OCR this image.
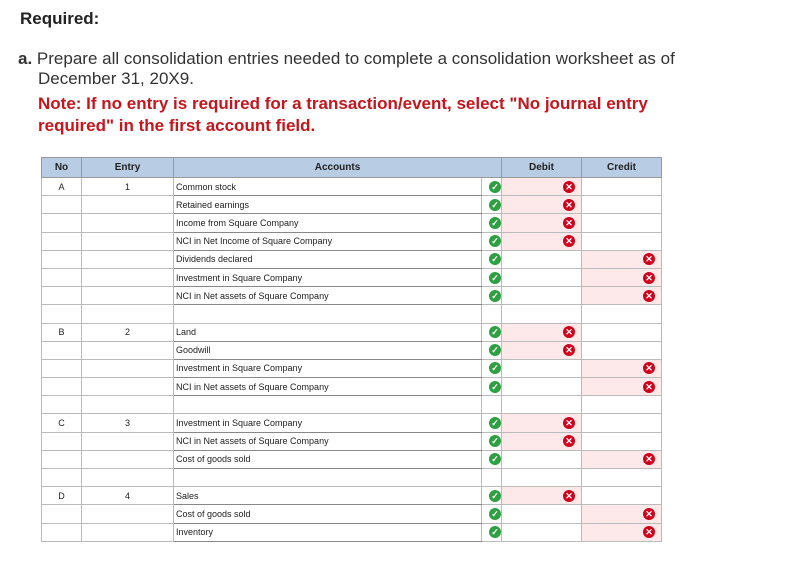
Required:
a. Prepare all consolidation entries needed to complete a consolidation worksheet as of
December 31, 20X9.
Note: If no entry is required for a transaction/event, select "No journal entry
required" in the first account field.
No	Entry	Accounts		Debit	Credit
A	1	Common stock	✓	✕	
		Retained earnings	✓	✕	
		Income from Square Company	✓	✕	
		NCI in Net Income of Square Company	✓	✕	
		Dividends declared	✓		✕
		Investment in Square Company	✓		✕
		NCI in Net assets of Square Company	✓		✕

B	2	Land	✓	✕	
		Goodwill	✓	✕	
		Investment in Square Company	✓		✕
		NCI in Net assets of Square Company	✓		✕

C	3	Investment in Square Company	✓	✕	
		NCI in Net assets of Square Company	✓	✕	
		Cost of goods sold	✓		✕

D	4	Sales	✓	✕	
		Cost of goods sold	✓		✕
		Inventory	✓		✕
